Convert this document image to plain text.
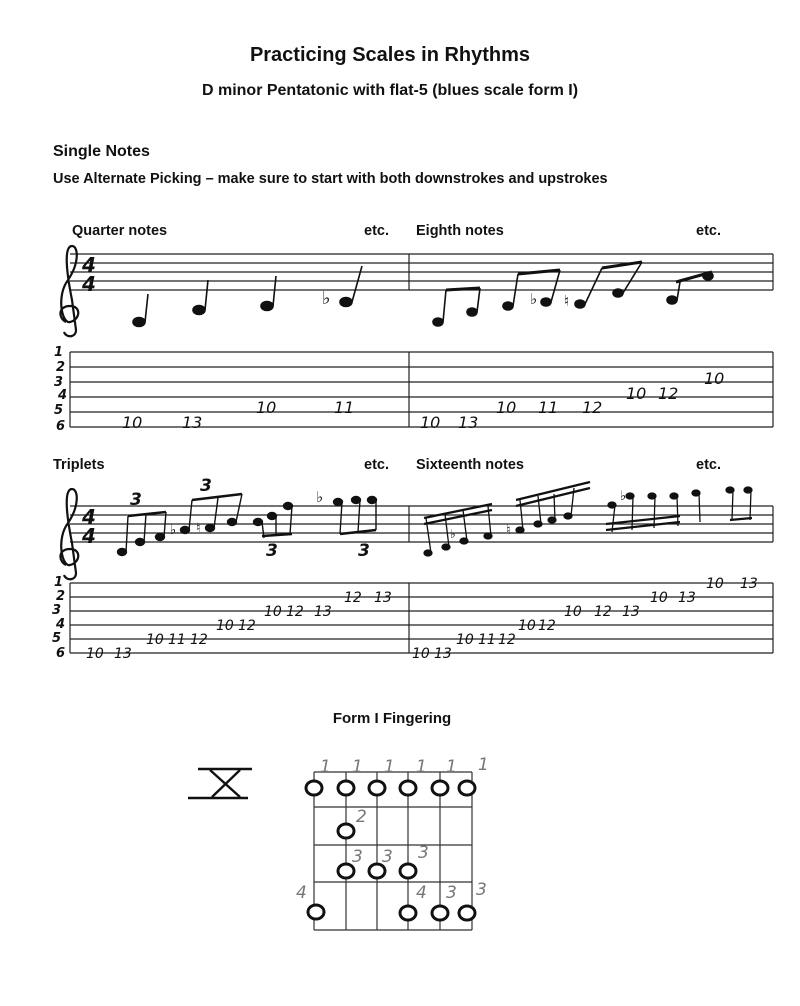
Practicing Scales in Rhythms
D minor Pentatonic with flat-5 (blues scale form I)
Single Notes
Use Alternate Picking – make sure to start with both downstrokes and upstrokes
Quarter notes	etc. Eighth notes	etc.
Triplets	etc. Sixteenth notes	etc.
Form I Fingering
4
4
4
4
♭	♭ ♮
♭ ♮
♭
♭	♮
♭
3
3
3	3
1
2
3
4
5
6
1
2
3
4
5
6
10 13
10	11
10 13
10 11 12
10 12
10
10 13
10 11 12
10 12
10 12 13
12 13
10 13
10 11 12
10 12
10 12 13
10 13
10 13
I
1 1 1 1 1 1
2
3 3 3
4	4 3 3
